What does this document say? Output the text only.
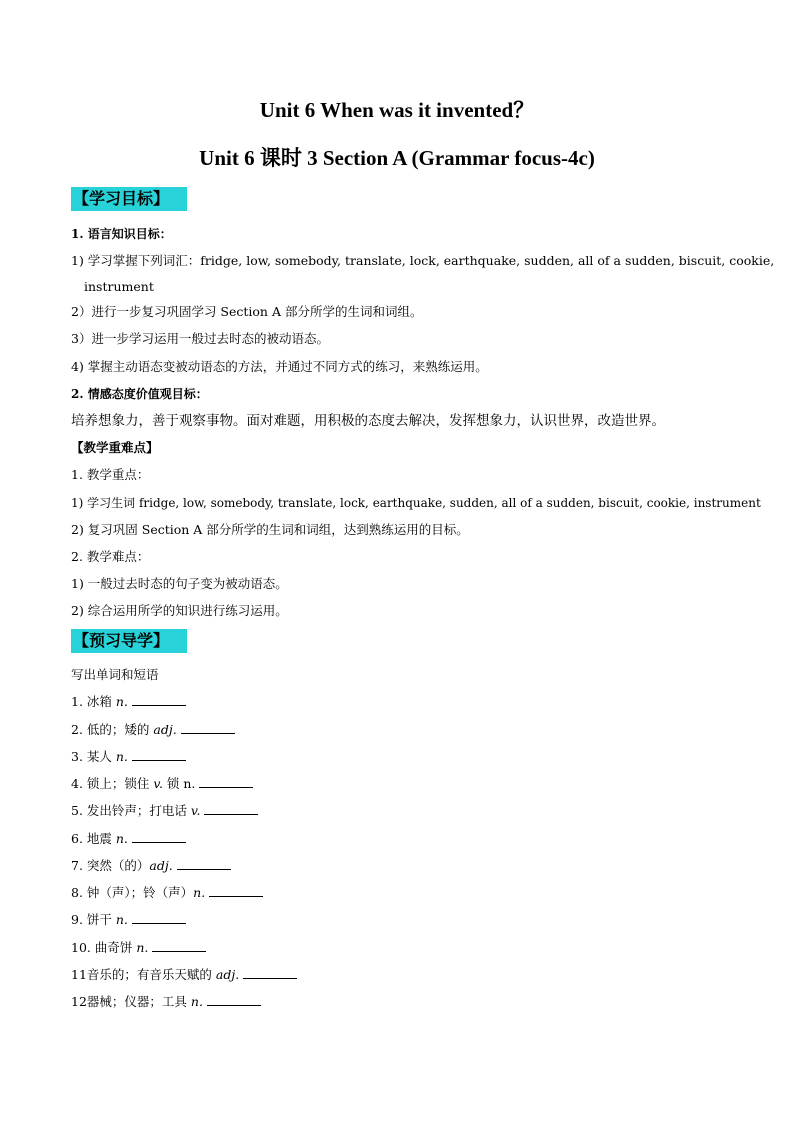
Unit 6 When was it invented？
Unit 6 课时 3 Section A (Grammar focus-4c)
【学习目标】
1. 语言知识目标：
1) 学习掌握下列词汇：fridge, low, somebody, translate, lock, earthquake, sudden, all of a sudden, biscuit, cookie,
instrument
2）进行一步复习巩固学习 Section A 部分所学的生词和词组。
3）进一步学习运用一般过去时态的被动语态。
4) 掌握主动语态变被动语态的方法，并通过不同方式的练习，来熟练运用。
2. 情感态度价值观目标：
培养想象力，善于观察事物。面对难题，用积极的态度去解决，发挥想象力，认识世界，改造世界。
【教学重难点】
1. 教学重点：
1) 学习生词 fridge, low, somebody, translate, lock, earthquake, sudden, all of a sudden, biscuit, cookie, instrument
2) 复习巩固 Section A 部分所学的生词和词组，达到熟练运用的目标。
2. 教学难点：
1) 一般过去时态的句子变为被动语态。
2) 综合运用所学的知识进行练习运用。
【预习导学】
写出单词和短语
1. 冰箱 n.
2. 低的；矮的 adj.
3. 某人 n.
4. 锁上；锁住 v. 锁 n.
5. 发出铃声；打电话 v.
6. 地震 n.
7. 突然（的）adj.
8. 钟（声）；铃（声）n.
9. 饼干 n.
10. 曲奇饼 n.
11音乐的；有音乐天赋的 adj.
12器械；仪器；工具 n.
